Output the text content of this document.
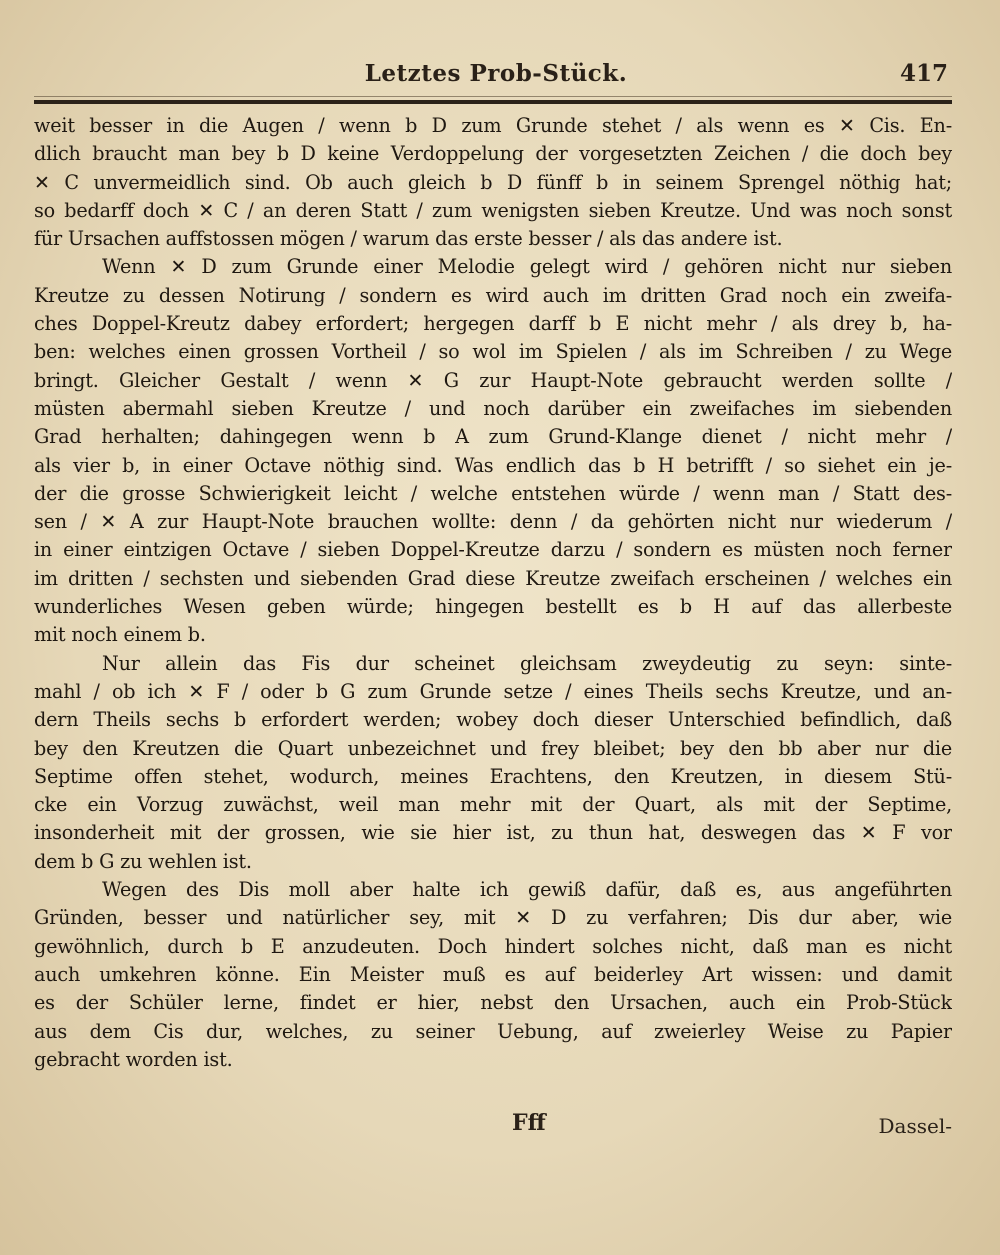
Letztes Prob-Stück.	417
weit besser in die Augen / wenn b D zum Grunde stehet / als wenn es ✕ Cis. En-
dlich braucht man bey b D keine Verdoppelung der vorgesetzten Zeichen / die doch bey
✕ C unvermeidlich sind. Ob auch gleich b D fünff b in seinem Sprengel nöthig hat;
so bedarff doch ✕ C / an deren Statt / zum wenigsten sieben Kreutze. Und was noch sonst
für Ursachen auffstossen mögen / warum das erste besser / als das andere ist.
Wenn ✕ D zum Grunde einer Melodie gelegt wird / gehören nicht nur sieben
Kreutze zu dessen Notirung / sondern es wird auch im dritten Grad noch ein zweifa-
ches Doppel-Kreutz dabey erfordert; hergegen darff b E nicht mehr / als drey b, ha-
ben: welches einen grossen Vortheil / so wol im Spielen / als im Schreiben / zu Wege
bringt. Gleicher Gestalt / wenn ✕ G zur Haupt-Note gebraucht werden sollte /
müsten abermahl sieben Kreutze / und noch darüber ein zweifaches im siebenden
Grad herhalten; dahingegen wenn b A zum Grund-Klange dienet / nicht mehr /
als vier b, in einer Octave nöthig sind. Was endlich das b H betrifft / so siehet ein je-
der die grosse Schwierigkeit leicht / welche entstehen würde / wenn man / Statt des-
sen / ✕ A zur Haupt-Note brauchen wollte: denn / da gehörten nicht nur wiederum /
in einer eintzigen Octave / sieben Doppel-Kreutze darzu / sondern es müsten noch ferner
im dritten / sechsten und siebenden Grad diese Kreutze zweifach erscheinen / welches ein
wunderliches Wesen geben würde; hingegen bestellt es b H auf das allerbeste
mit noch einem b.
Nur allein das Fis dur scheinet gleichsam zweydeutig zu seyn: sinte-
mahl / ob ich ✕ F / oder b G zum Grunde setze / eines Theils sechs Kreutze, und an-
dern Theils sechs b erfordert werden; wobey doch dieser Unterschied befindlich, daß
bey den Kreutzen die Quart unbezeichnet und frey bleibet; bey den bb aber nur die
Septime offen stehet, wodurch, meines Erachtens, den Kreutzen, in diesem Stü-
cke ein Vorzug zuwächst, weil man mehr mit der Quart, als mit der Septime,
insonderheit mit der grossen, wie sie hier ist, zu thun hat, deswegen das ✕ F vor
dem b G zu wehlen ist.
Wegen des Dis moll aber halte ich gewiß dafür, daß es, aus angeführten
Gründen, besser und natürlicher sey, mit ✕ D zu verfahren; Dis dur aber, wie
gewöhnlich, durch b E anzudeuten. Doch hindert solches nicht, daß man es nicht
auch umkehren könne. Ein Meister muß es auf beiderley Art wissen: und damit
es der Schüler lerne, findet er hier, nebst den Ursachen, auch ein Prob-Stück
aus dem Cis dur, welches, zu seiner Uebung, auf zweierley Weise zu Papier
gebracht worden ist.
Fff	Dassel-
